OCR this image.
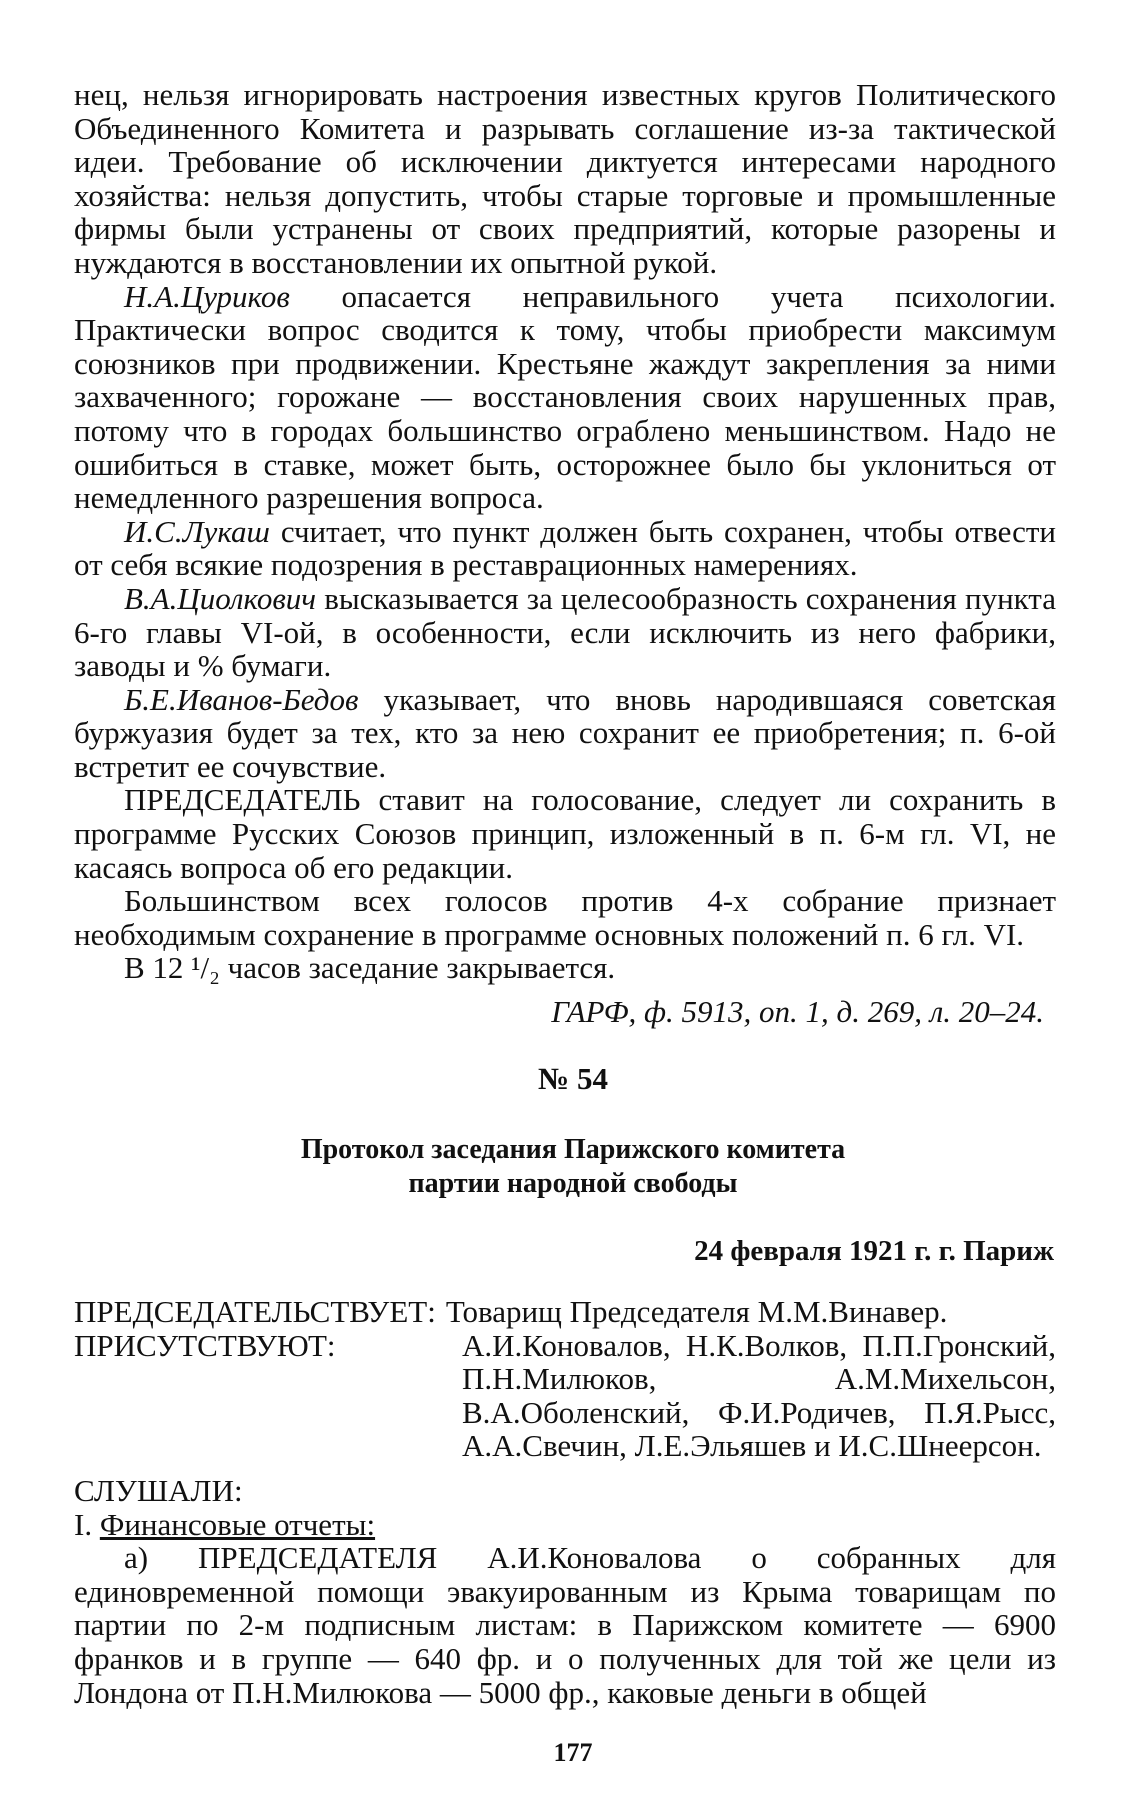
нец, нельзя игнорировать настроения известных кругов Политического Объединенного Комитета и разрывать соглашение из-за тактической идеи. Требование об исключении диктуется интересами народного хозяйства: нельзя допустить, чтобы старые торговые и промышленные фирмы были устранены от своих предприятий, которые разорены и нуждаются в восстановлении их опытной рукой.

Н.А.Цуриков опасается неправильного учета психологии. Практически вопрос сводится к тому, чтобы приобрести максимум союзников при продвижении. Крестьяне жаждут закрепления за ними захваченного; горожане — восстановления своих нарушенных прав, потому что в городах большинство ограблено меньшинством. Надо не ошибиться в ставке, может быть, осторожнее было бы уклониться от немедленного разрешения вопроса.

И.С.Лукаш считает, что пункт должен быть сохранен, чтобы отвести от себя всякие подозрения в реставрационных намерениях.

В.А.Циолкович высказывается за целесообразность сохранения пункта 6-го главы VI-ой, в особенности, если исключить из него фабрики, заводы и % бумаги.

Б.Е.Иванов-Бедов указывает, что вновь народившаяся советская буржуазия будет за тех, кто за нею сохранит ее приобретения; п. 6-ой встретит ее сочувствие.

ПРЕДСЕДАТЕЛЬ ставит на голосование, следует ли сохранить в программе Русских Союзов принцип, изложенный в п. 6-м гл. VI, не касаясь вопроса об его редакции.

Большинством всех голосов против 4-х собрание признает необходимым сохранение в программе основных положений п. 6 гл. VI.

В 12 ¹/₂ часов заседание закрывается.

ГАРФ, ф. 5913, оп. 1, д. 269, л. 20–24.
№ 54
Протокол заседания Парижского комитета
партии народной свободы
24 февраля 1921 г. г. Париж
ПРЕДСЕДАТЕЛЬСТВУЕТ: Товарищ Председателя М.М.Винавер.
ПРИСУТСТВУЮТ:	А.И.Коновалов, Н.К.Волков, П.П.Гронский, П.Н.Милюков, А.М.Михельсон, В.А.Оболенский, Ф.И.Родичев, П.Я.Рысс, А.А.Свечин, Л.Е.Эльяшев и И.С.Шнеерсон.

СЛУШАЛИ:

I. Финансовые отчеты:

а) ПРЕДСЕДАТЕЛЯ А.И.Коновалова о собранных для единовременной помощи эвакуированным из Крыма товарищам по партии по 2-м подписным листам: в Парижском комитете — 6900 франков и в группе — 640 фр. и о полученных для той же цели из Лондона от П.Н.Милюкова — 5000 фр., каковые деньги в общей

177
